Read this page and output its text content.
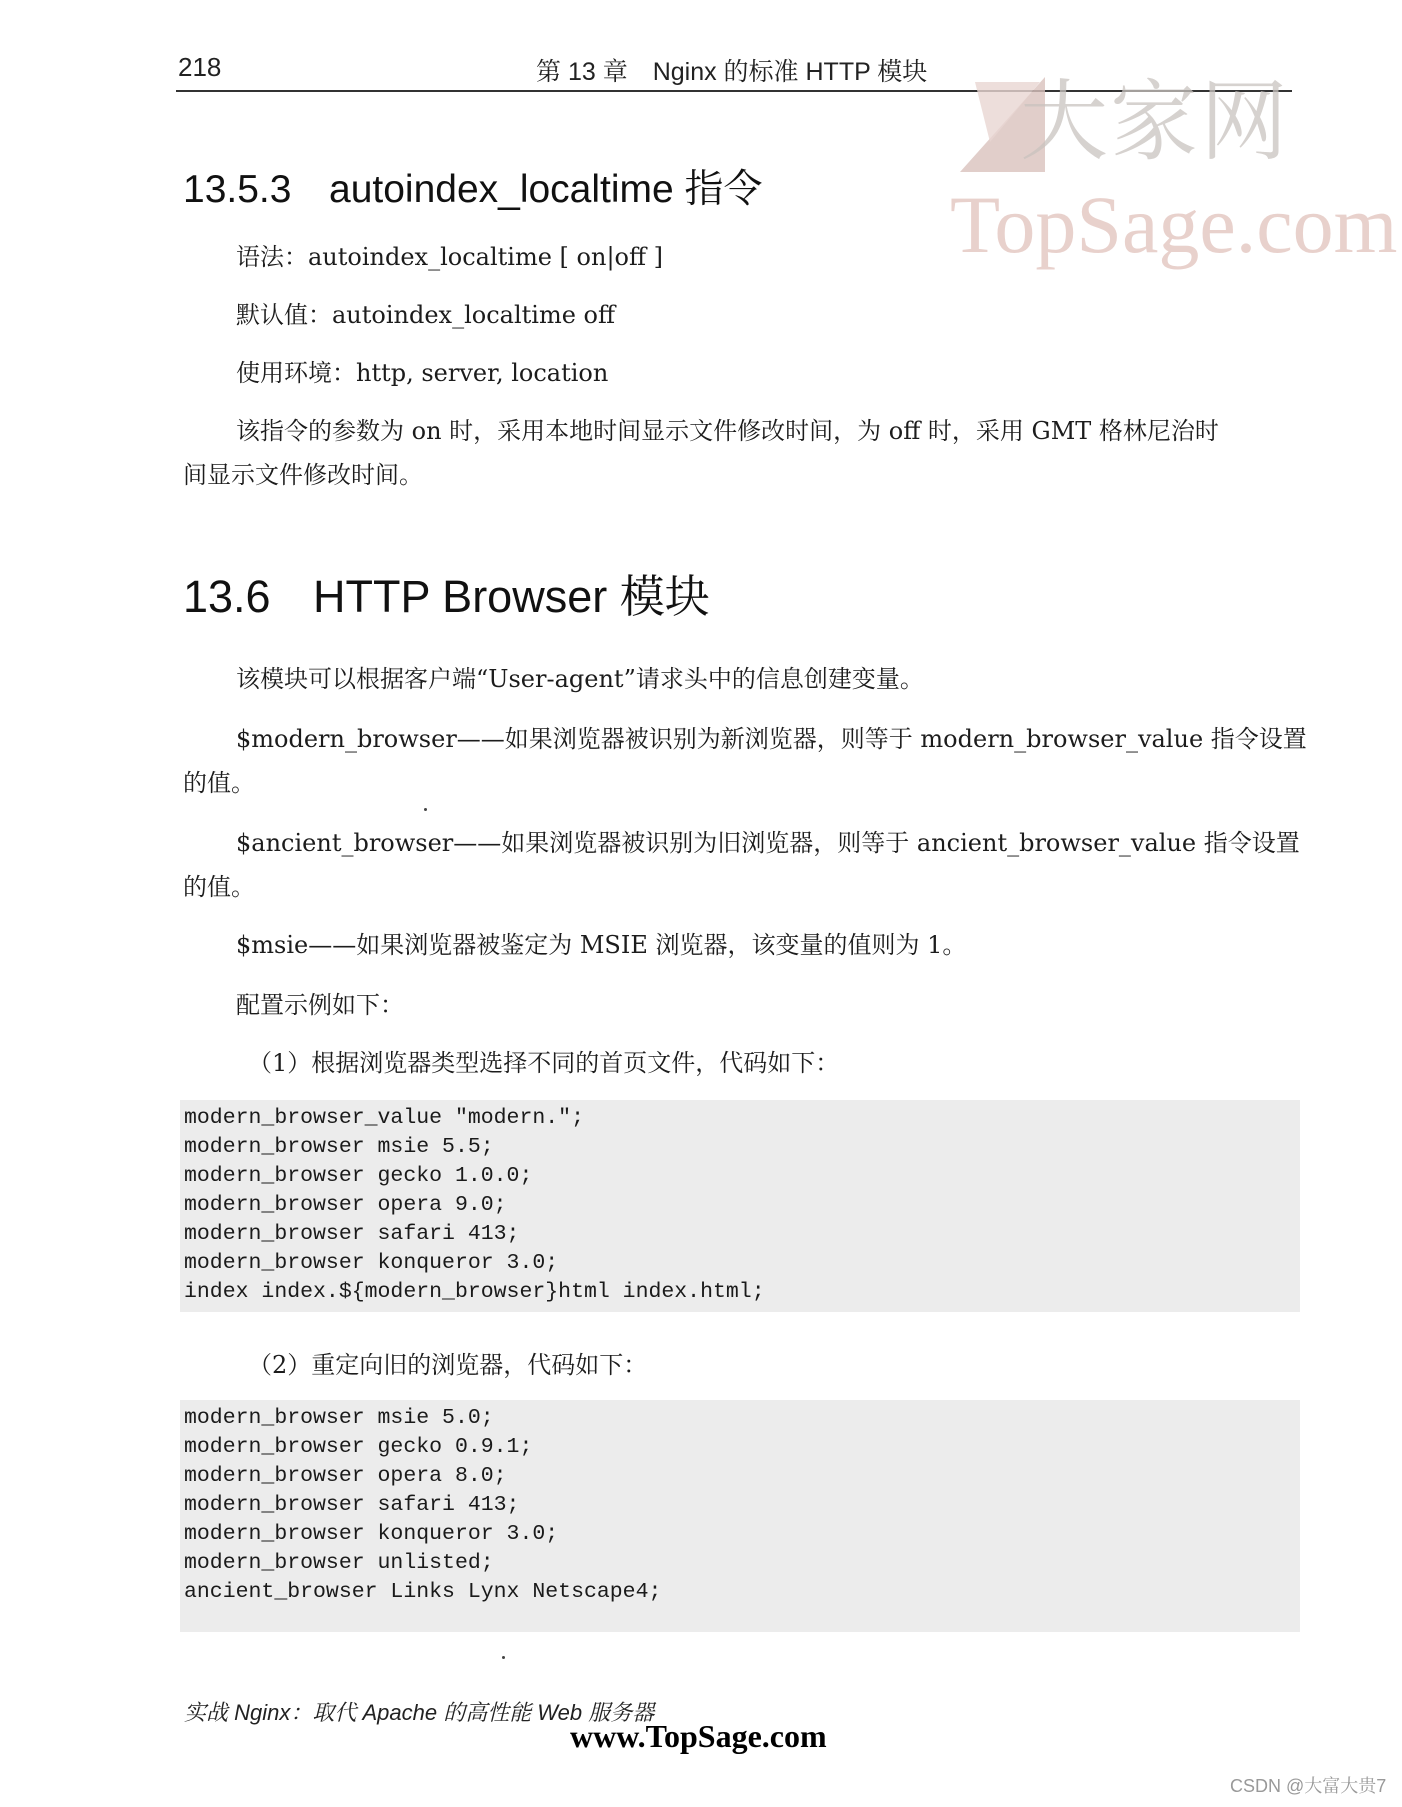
218	第 13 章　Nginx 的标准 HTTP 模块 大家网
TopSage.com
13.5.3 autoindex_localtime 指令
语法：autoindex_localtime [ on|off ]
默认值：autoindex_localtime off
使用环境：http, server, location
该指令的参数为 on 时，采用本地时间显示文件修改时间，为 off 时，采用 GMT 格林尼治时
间显示文件修改时间。
13.6 HTTP Browser 模块
该模块可以根据客户端“User-agent”请求头中的信息创建变量。
$modern_browser——如果浏览器被识别为新浏览器，则等于 modern_browser_value 指令设置
的值。
$ancient_browser——如果浏览器被识别为旧浏览器，则等于 ancient_browser_value 指令设置
的值。
$msie——如果浏览器被鉴定为 MSIE 浏览器，该变量的值则为 1。
配置示例如下：
（1）根据浏览器类型选择不同的首页文件，代码如下：
modern_browser_value "modern.";
modern_browser msie 5.5;
modern_browser gecko 1.0.0;
modern_browser opera 9.0;
modern_browser safari 413;
modern_browser konqueror 3.0;
index index.${modern_browser}html index.html;
（2）重定向旧的浏览器，代码如下：
modern_browser msie 5.0;
modern_browser gecko 0.9.1;
modern_browser opera 8.0;
modern_browser safari 413;
modern_browser konqueror 3.0;
modern_browser unlisted;
ancient_browser Links Lynx Netscape4;
实战 Nginx：取代 Apache 的高性能 Web 服务器
www.TopSage.com
CSDN @大富大贵7
